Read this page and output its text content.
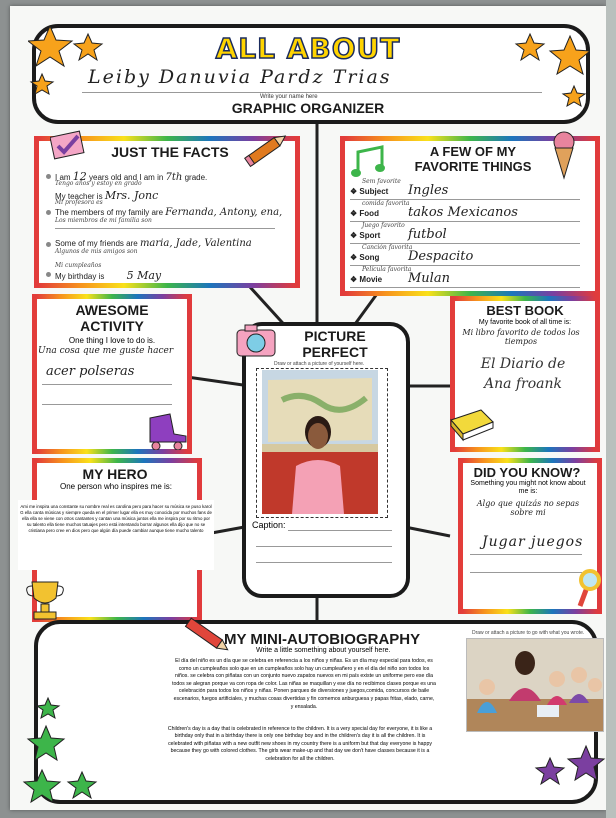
ALL ABOUT
Leiby Danuvia Pardz Trias
Write your name here
GRAPHIC ORGANIZER
JUST THE FACTS
I am 12 years old and I am in 7th grade.
Tengo años y estoy en grado
My teacher is Mrs. Jonc
Mi profesora es
The members of my family are Fernanda, Antony, ena,
Los miembros de mi familia son
Some of my friends are maria, Jade, Valentina
Algunos de mis amigos son
Mi cumpleaños
My birthday is 5 May
A FEW OF MY FAVORITE THINGS
Sem favorite
❖ Subject Ingles
comida favorita
❖ Food takos Mexicanos
Juego favorito
❖ Sport futbol
Canción favorita
❖ Song Despacito
Película favorita
❖ Movie Mulan
AWESOME ACTIVITY
One thing I love to do is.
Una cosa que me guste hacer
acer polseras
PICTURE PERFECT
Draw or attach a picture of yourself here.
Caption:
BEST BOOK
My favorite book of all time is:
Mi libro favorito de todos los tiempos
El Diario de Ana froank
MY HERO
One person who inspires me is:
Ami me inspira una constante su nombre real es carolina pero para hacer su música se puso karol G ella canta músicas y siempre queda en el primer lugar ella es muy conocida por muchos fans de ella ella se viene con otros cantantes y cantan una música juntos ella me inspira por su ritmo por su talento ella tiene muchos tatuajes pero está intentando borrar algunos ella dijo que no se cristiana pero cree en dios pero que algún día puede cambiar aunque tiene mucho talento
DID YOU KNOW?
Something you might not know about me is:
Algo que quizás no sepas sobre mi
Jugar juegos
MY MINI-AUTOBIOGRAPHY
Write a little something about yourself here.
Draw or attach a picture to go with what you wrote.
El día del niño es un día que se celebra en referencia a los niños y niñas. Es un día muy especial para todos, es como un cumpleaños solo que en un cumpleaños solo hay un cumpleañero y en el día del niño son todos los niños. se celebra con piñatas con un conjunto nuevo zapatos nuevos en mi país existe un uniforme pero ese día todos se alegran porque va con ropa de color. Las niñas se maquillan y ese día no recibimos clases porque es una celebración para todos los niños y niñas. Ponen parques de diversiones y juegos,comida, concursos de baile escenarios, fuegos artificiales, y muchas cosas divertidas y fin comemos anburguesa y papas fritas, elado, carne, y ensalada.
Children's day is a day that is celebrated in reference to the children. It is a very special day for everyone, it is like a birthday only that in a birthday there is only one birthday boy and in the children's day it is all the children. It is celebrated with piñatas with a new outfit new shoes in my country there is a uniform but that day everyone is happy because they go with colored clothes. The girls wear make-up and that day we don't have classes because it is a celebration for all the children.
